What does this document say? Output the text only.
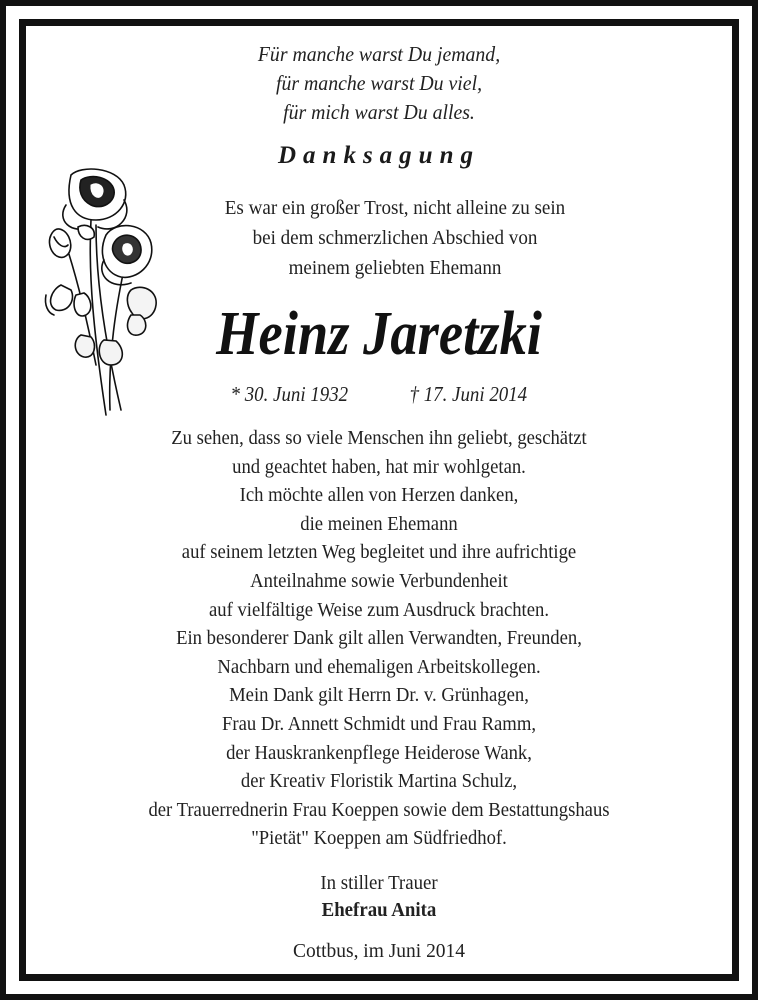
Für manche warst Du jemand,
für manche warst Du viel,
für mich warst Du alles.
Danksagung
Es war ein großer Trost, nicht alleine zu sein
bei dem schmerzlichen Abschied von
meinem geliebten Ehemann
Heinz Jaretzki
* 30. Juni 1932	† 17. Juni 2014
Zu sehen, dass so viele Menschen ihn geliebt, geschätzt
und geachtet haben, hat mir wohlgetan.
Ich möchte allen von Herzen danken,
die meinen Ehemann
auf seinem letzten Weg begleitet und ihre aufrichtige
Anteilnahme sowie Verbundenheit
auf vielfältige Weise zum Ausdruck brachten.
Ein besonderer Dank gilt allen Verwandten, Freunden,
Nachbarn und ehemaligen Arbeitskollegen.
Mein Dank gilt Herrn Dr. v. Grünhagen,
Frau Dr. Annett Schmidt und Frau Ramm,
der Hauskrankenpflege Heiderose Wank,
der Kreativ Floristik Martina Schulz,
der Trauerrednerin Frau Koeppen sowie dem Bestattungshaus
"Pietät" Koeppen am Südfriedhof.
In stiller Trauer
Ehefrau Anita
Cottbus, im Juni 2014
